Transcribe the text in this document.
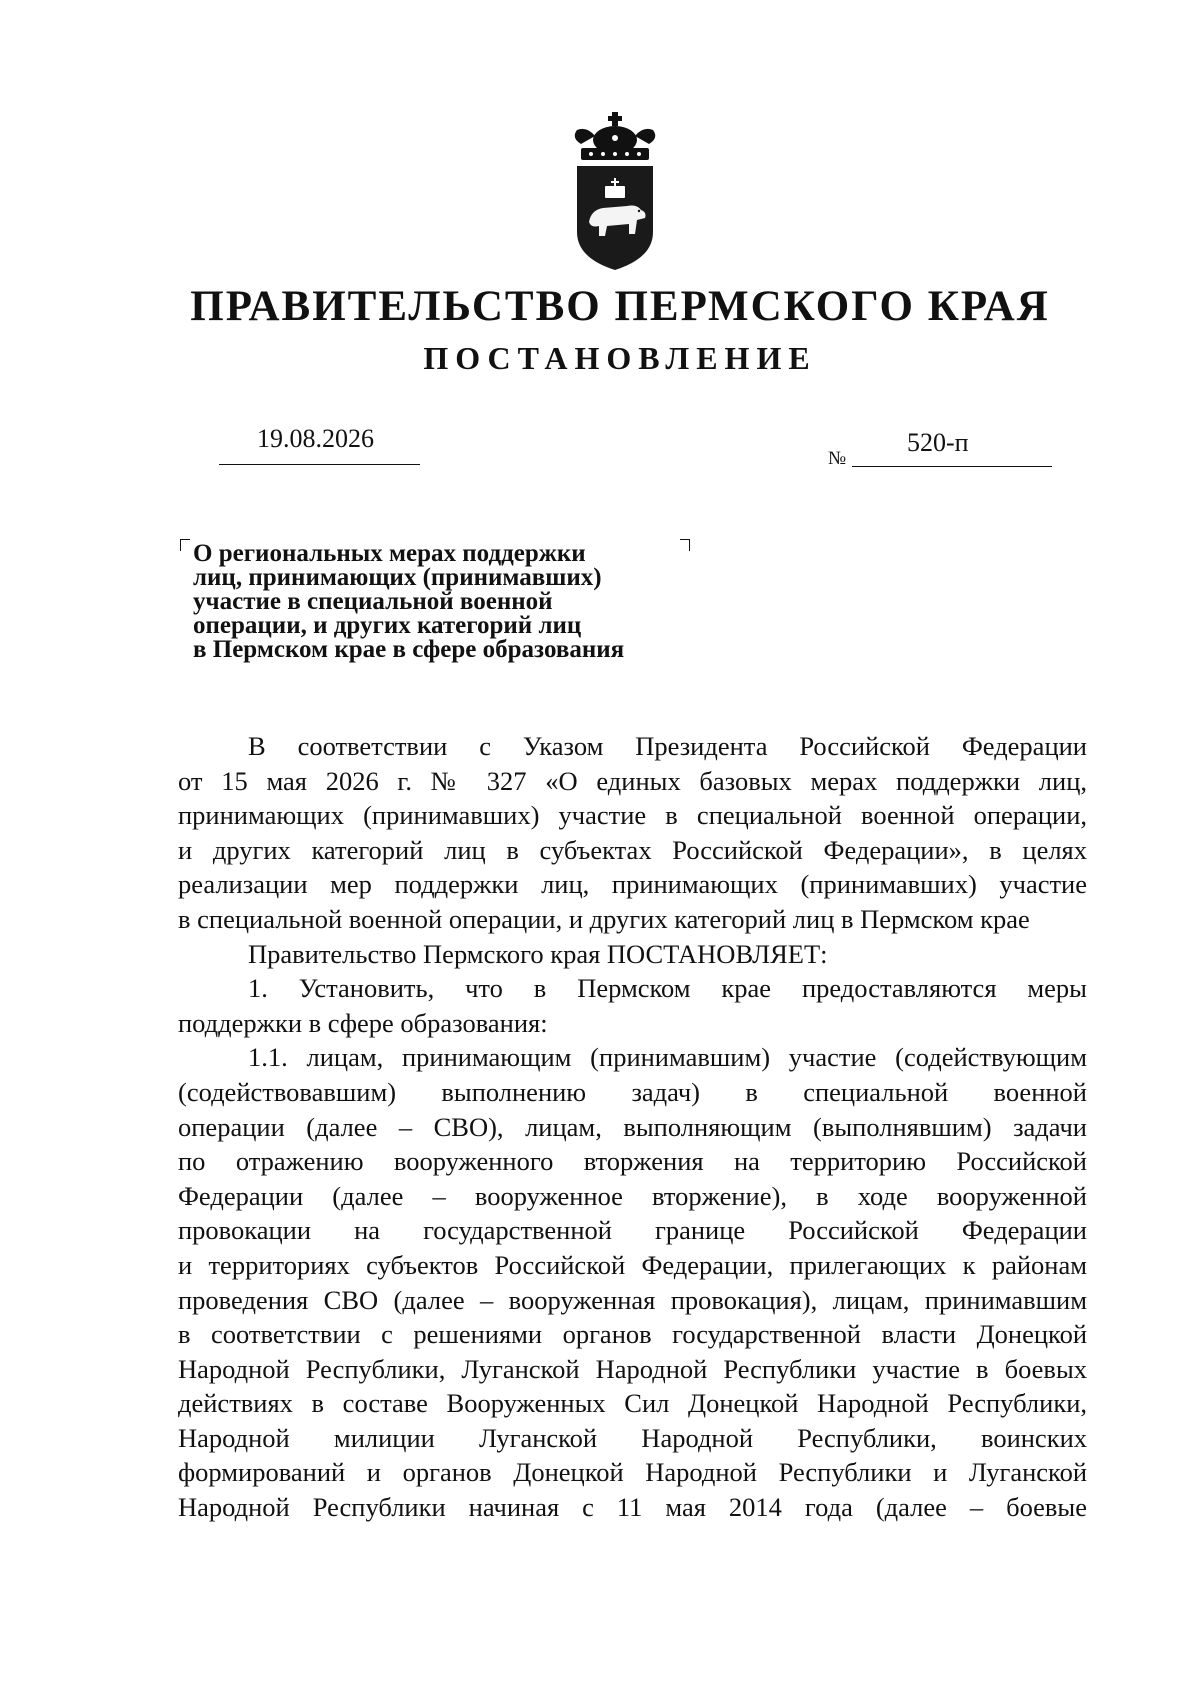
ПРАВИТЕЛЬСТВО ПЕРМСКОГО КРАЯ
ПОСТАНОВЛЕНИЕ
19.08.2026
№
520-п
О региональных мерах поддержки
лиц, принимающих (принимавших)
участие в специальной военной
операции, и других категорий лиц
в Пермском крае в сфере образования
В соответствии с Указом Президента Российской Федерации
от 15 мая 2026 г. № 327 «О единых базовых мерах поддержки лиц,
принимающих (принимавших) участие в специальной военной операции,
и других категорий лиц в субъектах Российской Федерации», в целях
реализации мер поддержки лиц, принимающих (принимавших) участие
в специальной военной операции, и других категорий лиц в Пермском крае
Правительство Пермского края ПОСТАНОВЛЯЕТ:
1. Установить, что в Пермском крае предоставляются меры
поддержки в сфере образования:
1.1. лицам, принимающим (принимавшим) участие (содействующим
(содействовавшим) выполнению задач) в специальной военной
операции (далее – СВО), лицам, выполняющим (выполнявшим) задачи
по отражению вооруженного вторжения на территорию Российской
Федерации (далее – вооруженное вторжение), в ходе вооруженной
провокации на государственной границе Российской Федерации
и территориях субъектов Российской Федерации, прилегающих к районам
проведения СВО (далее – вооруженная провокация), лицам, принимавшим
в соответствии с решениями органов государственной власти Донецкой
Народной Республики, Луганской Народной Республики участие в боевых
действиях в составе Вооруженных Сил Донецкой Народной Республики,
Народной милиции Луганской Народной Республики, воинских
формирований и органов Донецкой Народной Республики и Луганской
Народной Республики начиная с 11 мая 2014 года (далее – боевые
